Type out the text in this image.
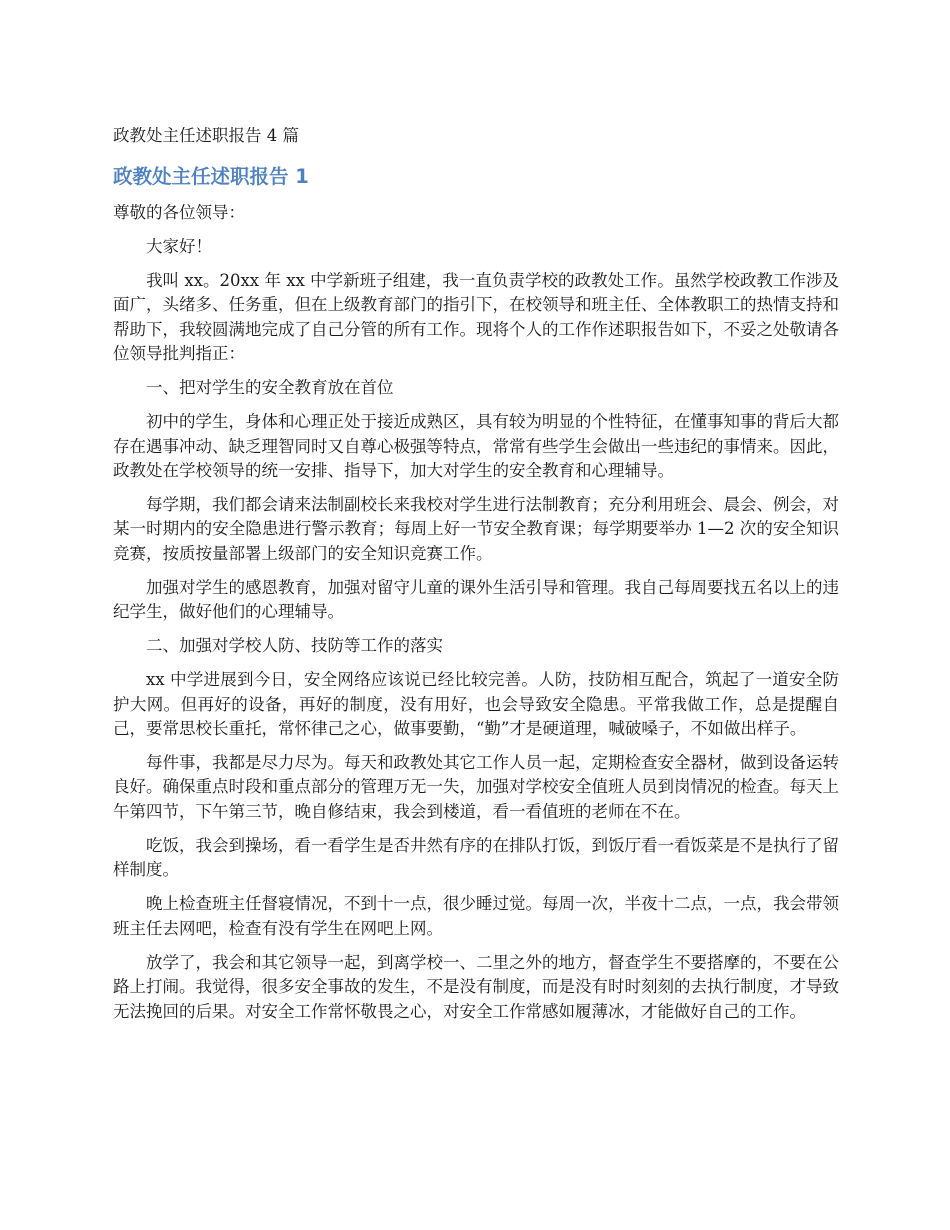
政教处主任述职报告 4 篇
政教处主任述职报告 1

尊敬的各位领导：

大家好！

我叫 xx。20xx 年 xx 中学新班子组建，我一直负责学校的政教处工作。虽然学校政教工作涉及面广，头绪多、任务重，但在上级教育部门的指引下，在校领导和班主任、全体教职工的热情支持和帮助下，我较圆满地完成了自己分管的所有工作。现将个人的工作作述职报告如下，不妥之处敬请各位领导批判指正：

一、把对学生的安全教育放在首位

初中的学生，身体和心理正处于接近成熟区，具有较为明显的个性特征，在懂事知事的背后大都存在遇事冲动、缺乏理智同时又自尊心极强等特点，常常有些学生会做出一些违纪的事情来。因此，政教处在学校领导的统一安排、指导下，加大对学生的安全教育和心理辅导。

每学期，我们都会请来法制副校长来我校对学生进行法制教育；充分利用班会、晨会、例会，对某一时期内的安全隐患进行警示教育；每周上好一节安全教育课；每学期要举办 1—2 次的安全知识竞赛，按质按量部署上级部门的安全知识竞赛工作。

加强对学生的感恩教育，加强对留守儿童的课外生活引导和管理。我自己每周要找五名以上的违纪学生，做好他们的心理辅导。

二、加强对学校人防、技防等工作的落实

xx 中学进展到今日，安全网络应该说已经比较完善。人防，技防相互配合，筑起了一道安全防护大网。但再好的设备，再好的制度，没有用好，也会导致安全隐患。平常我做工作，总是提醒自己，要常思校长重托，常怀律己之心，做事要勤，“勤”才是硬道理，喊破嗓子，不如做出样子。

每件事，我都是尽力尽为。每天和政教处其它工作人员一起，定期检查安全器材，做到设备运转良好。确保重点时段和重点部分的管理万无一失，加强对学校安全值班人员到岗情况的检查。每天上午第四节，下午第三节，晚自修结束，我会到楼道，看一看值班的老师在不在。

吃饭，我会到操场，看一看学生是否井然有序的在排队打饭，到饭厅看一看饭菜是不是执行了留样制度。

晚上检查班主任督寝情况，不到十一点，很少睡过觉。每周一次，半夜十二点，一点，我会带领班主任去网吧，检查有没有学生在网吧上网。

放学了，我会和其它领导一起，到离学校一、二里之外的地方，督查学生不要搭摩的，不要在公路上打闹。我觉得，很多安全事故的发生，不是没有制度，而是没有时时刻刻的去执行制度，才导致无法挽回的后果。对安全工作常怀敬畏之心，对安全工作常感如履薄冰，才能做好自己的工作。
